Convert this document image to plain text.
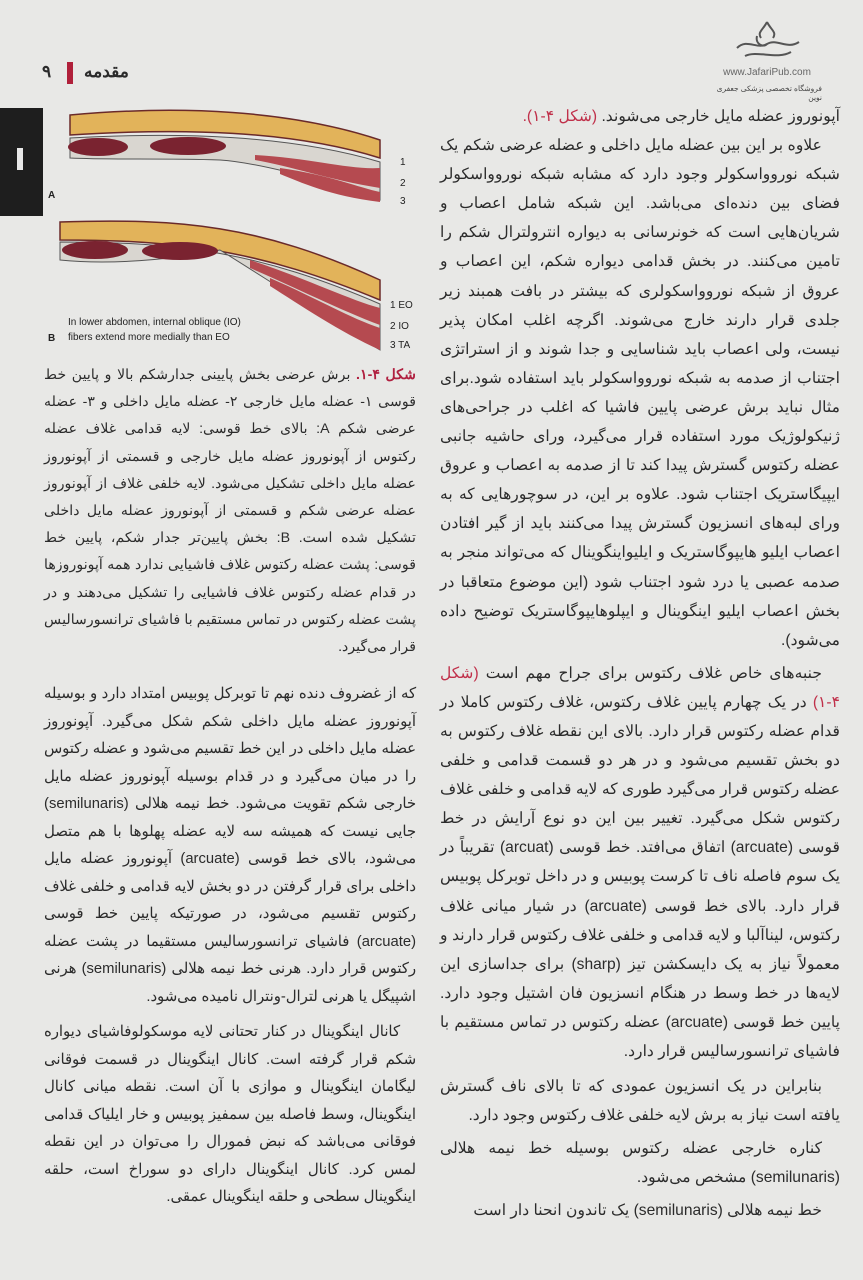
مقدمه
۹	www.JafariPub.com
فروشگاه تخصصی پزشکی جعفری نوین
1
2
3
A
1 EO
2 IO
3 TA
In lower abdomen, internal oblique (IO)
fibers extend more medially than EO
B
شکل ۴-۱. برش عرضی بخش پایینی جدارشکم بالا و پایین خط قوسی ۱- عضله مایل خارجی ۲- عضله مایل داخلی و ۳- عضله عرضی شکم A: بالای خط قوسی: لایه قدامی غلاف عضله رکتوس از آپونوروز عضله مایل خارجی و قسمتی از آپونوروز عضله مایل داخلی تشکیل می‌شود. لایه خلفی غلاف از آپونوروز عضله عرضی شکم و قسمتی از آپونوروز عضله مایل داخلی تشکیل شده است. B: بخش پایین‌تر جدار شکم، پایین خط قوسی: پشت عضله رکتوس غلاف فاشیایی ندارد همه آپونوروزها در قدام عضله رکتوس غلاف فاشیایی را تشکیل می‌دهند و در پشت عضله رکتوس در تماس مستقیم با فاشیای ترانسورسالیس قرار می‌گیرد.

که از غضروف دنده نهم تا توبرکل پوبیس امتداد دارد و بوسیله آپونوروز عضله مایل داخلی شکم شکل می‌گیرد. آپونوروز عضله مایل داخلی در این خط تقسیم می‌شود و عضله رکتوس را در میان می‌گیرد و در قدام بوسیله آپونوروز عضله مایل خارجی شکم تقویت می‌شود. خط نیمه هلالی (semilunaris) جایی نیست که همیشه سه لایه عضله پهلوها با هم متصل می‌شود، بالای خط قوسی (arcuate) آپونوروز عضله مایل داخلی برای قرار گرفتن در دو بخش لایه قدامی و خلفی غلاف رکتوس تقسیم می‌شود، در صورتیکه پایین خط قوسی (arcuate) فاشیای ترانسورسالیس مستقیما در پشت عضله رکتوس قرار دارد. هرنی خط نیمه هلالی (semilunaris) هرنی اشپیگل یا هرنی لترال-ونترال نامیده می‌شود.

کانال اینگوینال در کنار تحتانی لایه موسکولوفاشیای دیواره شکم قرار گرفته است. کانال اینگوینال در قسمت فوقانی لیگامان اینگوینال و موازی با آن است. نقطه میانی کانال اینگوینال، وسط فاصله بین سمفیز پوبیس و خار ایلیاک قدامی فوقانی می‌باشد که نبض فمورال را می‌توان در این نقطه لمس کرد. کانال اینگوینال دارای دو سوراخ است، حلقه اینگوینال سطحی و حلقه اینگوینال عمقی.

آپونوروز عضله مایل خارجی می‌شوند. (شکل ۴-۱).

علاوه بر این بین عضله مایل داخلی و عضله عرضی شکم یک شبکه نوروواسکولر وجود دارد که مشابه شبکه نوروواسکولر فضای بین دنده‌ای می‌باشد. این شبکه شامل اعصاب و شریان‌هایی است که خونرسانی به دیواره انترولترال شکم را تامین می‌کنند. در بخش قدامی دیواره شکم، این اعصاب و عروق از شبکه نوروواسکولری که بیشتر در بافت همبند زیر جلدی قرار دارند خارج می‌شوند. اگرچه اغلب امکان پذیر نیست، ولی اعصاب باید شناسایی و جدا شوند و از استراتژی اجتناب از صدمه به شبکه نوروواسکولر باید استفاده شود.برای مثال نباید برش عرضی پایین فاشیا که اغلب در جراحی‌های ژنیکولوژیک مورد استفاده قرار می‌گیرد، ورای حاشیه جانبی عضله رکتوس گسترش پیدا کند تا از صدمه به اعصاب و عروق ایپیگاستریک اجتناب شود. علاوه بر این، در سوچورهایی که به ورای لبه‌های انسزیون گسترش پیدا می‌کنند باید از گیر افتادن اعصاب ایلیو هایپوگاستریک و ایلیواینگوینال که می‌تواند منجر به صدمه عصبی یا درد شود اجتناب شود (این موضوع متعاقبا در بخش اعصاب ایلیو اینگوینال و ایپلوهایپوگاستریک توضیح داده می‌شود).

جنبه‌های خاص غلاف رکتوس برای جراح مهم است (شکل ۴-۱) در یک چهارم پایین غلاف رکتوس، غلاف رکتوس کاملا در قدام عضله رکتوس قرار دارد. بالای این نقطه غلاف رکتوس به دو بخش تقسیم می‌شود و در هر دو قسمت قدامی و خلفی عضله رکتوس قرار می‌گیرد طوری که لایه قدامی و خلفی غلاف رکتوس شکل می‌گیرد. تغییر بین این دو نوع آرایش در خط قوسی (arcuate) اتفاق می‌افتد. خط قوسی (arcuat) تقریباً در یک سوم فاصله ناف تا کرست پوبیس و در داخل توبرکل پوبیس قرار دارد. بالای خط قوسی (arcuate) در شیار میانی غلاف رکتوس، لیناآلبا و لایه قدامی و خلفی غلاف رکتوس قرار دارند و معمولاً نیاز به یک دایسکشن تیز (sharp) برای جداسازی این لایه‌ها در خط وسط در هنگام انسزیون فان اشتیل وجود دارد. پایین خط قوسی (arcuate) عضله رکتوس در تماس مستقیم با فاشیای ترانسورسالیس قرار دارد.

بنابراین در یک انسزیون عمودی که تا بالای ناف گسترش یافته است نیاز به برش لایه خلفی غلاف رکتوس وجود دارد.

کناره خارجی عضله رکتوس بوسیله خط نیمه هلالی (semilunaris) مشخص می‌شود.

خط نیمه هلالی (semilunaris) یک تاندون انحنا دار است
